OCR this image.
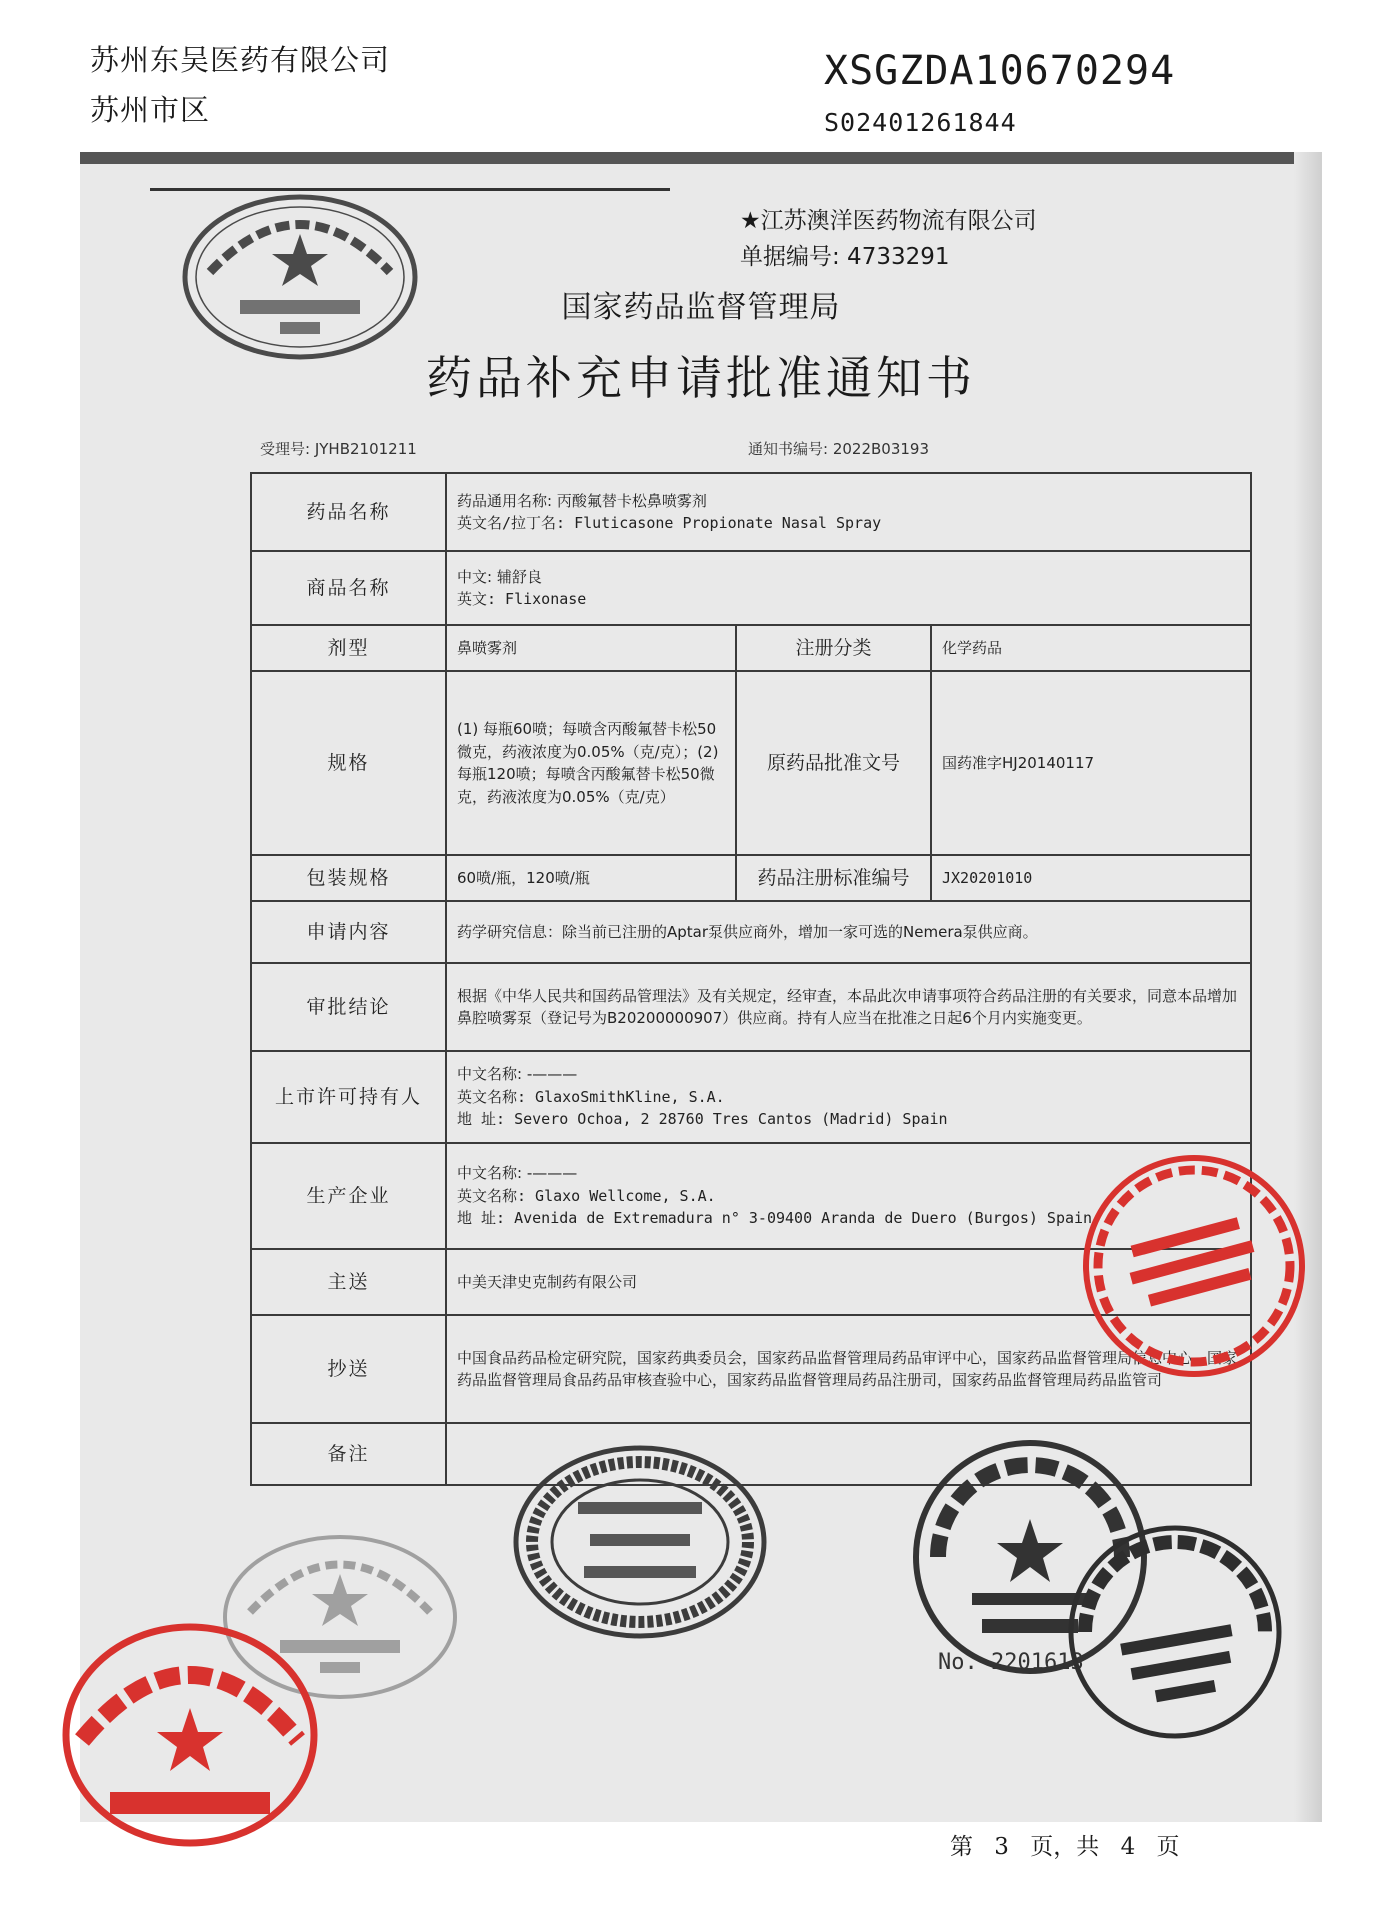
苏州东吴医药有限公司
苏州市区
XSGZDA10670294
S02401261844
★江苏澳洋医药物流有限公司
单据编号: 4733291
国家药品监督管理局
药品补充申请批准通知书
受理号: JYHB2101211	通知书编号: 2022B03193
药品名称	药品通用名称: 丙酸氟替卡松鼻喷雾剂
英文名/拉丁名: Fluticasone Propionate Nasal Spray		

商品名称	中文: 辅舒良
英文: Flixonase		

剂型	鼻喷雾剂	注册分类	化学药品
规格	(1) 每瓶60喷；每喷含丙酸氟替卡松50微克，药液浓度为0.05%（克/克）；(2) 每瓶120喷；每喷含丙酸氟替卡松50微克，药液浓度为0.05%（克/克）	原药品批准文号	国药准字HJ20140117
包装规格	60喷/瓶，120喷/瓶	药品注册标准编号	JX20201010
申请内容	药学研究信息：除当前已注册的Aptar泵供应商外，增加一家可选的Nemera泵供应商。		
审批结论	根据《中华人民共和国药品管理法》及有关规定，经审查，本品此次申请事项符合药品注册的有关要求，同意本品增加鼻腔喷雾泵（登记号为B20200000907）供应商。持有人应当在批准之日起6个月内实施变更。		
上市许可持有人	中文名称: -———
英文名称: GlaxoSmithKline, S.A.
地 址: Severo Ochoa, 2 28760 Tres Cantos (Madrid) Spain		

生产企业	中文名称: -———
英文名称: Glaxo Wellcome, S.A.
地 址: Avenida de Extremadura n° 3-09400 Aranda de Duero (Burgos) Spain		

主送	中美天津史克制药有限公司		
抄送	中国食品药品检定研究院，国家药典委员会，国家药品监督管理局药品审评中心，国家药品监督管理局信息中心，国家药品监督管理局食品药品审核查验中心，国家药品监督管理局药品注册司，国家药品监督管理局药品监管司		
备注			
No. 2201613
第 3 页，共 4 页
